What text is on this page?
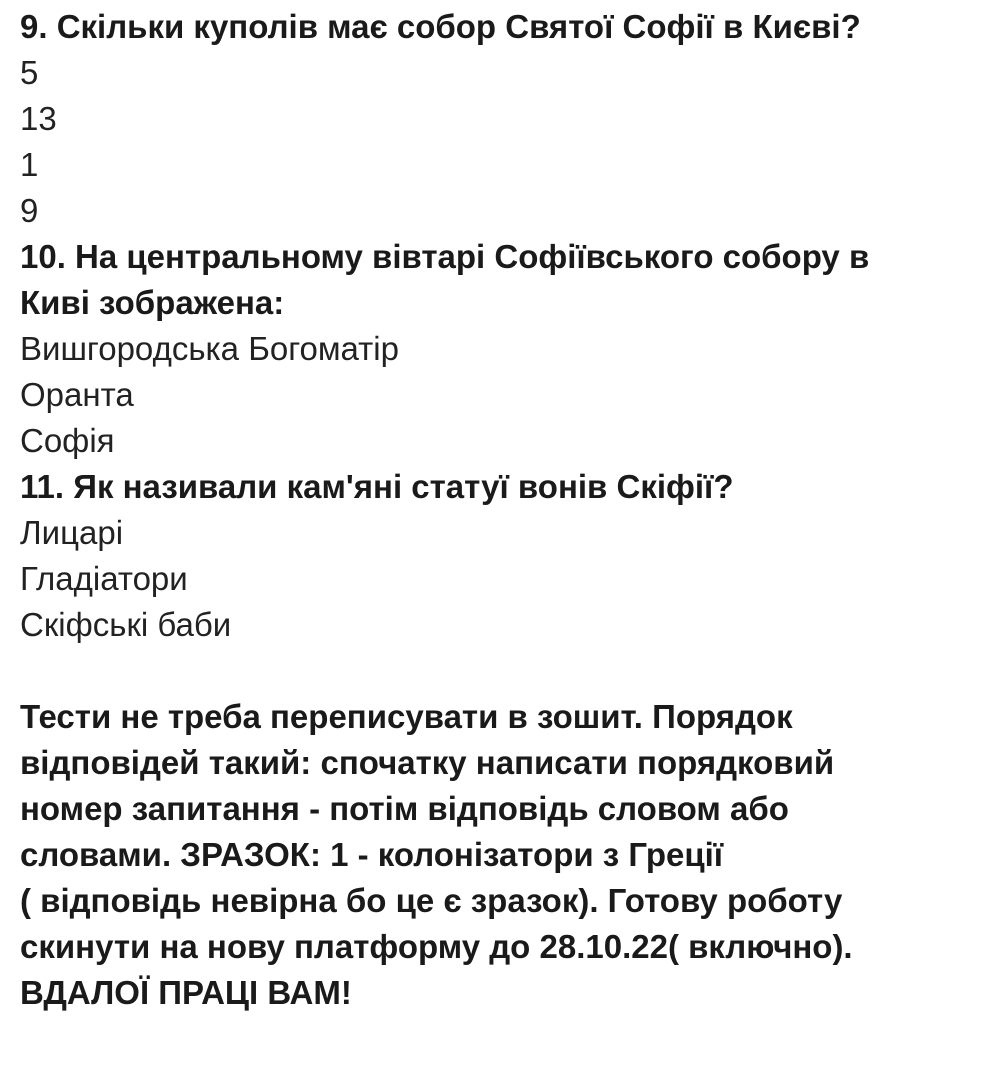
9. Скільки куполів має собор Святої Софії в Києві?
5
13
1
9
10. На центральному вівтарі Софіївського собору в
Киві зображена:
Вишгородська Богоматір
Оранта
Софія
11. Як називали кам'яні статуї вонів Скіфії?
Лицарі
Гладіатори
Скіфські баби
Тести не треба переписувати в зошит. Порядок
відповідей такий: спочатку написати порядковий
номер запитання - потім відповідь словом або
словами. ЗРАЗОК: 1 - колонізатори з Греції
( відповідь невірна бо це є зразок). Готову роботу
скинути на нову платформу до 28.10.22( включно).
ВДАЛОЇ ПРАЦІ ВАМ!
